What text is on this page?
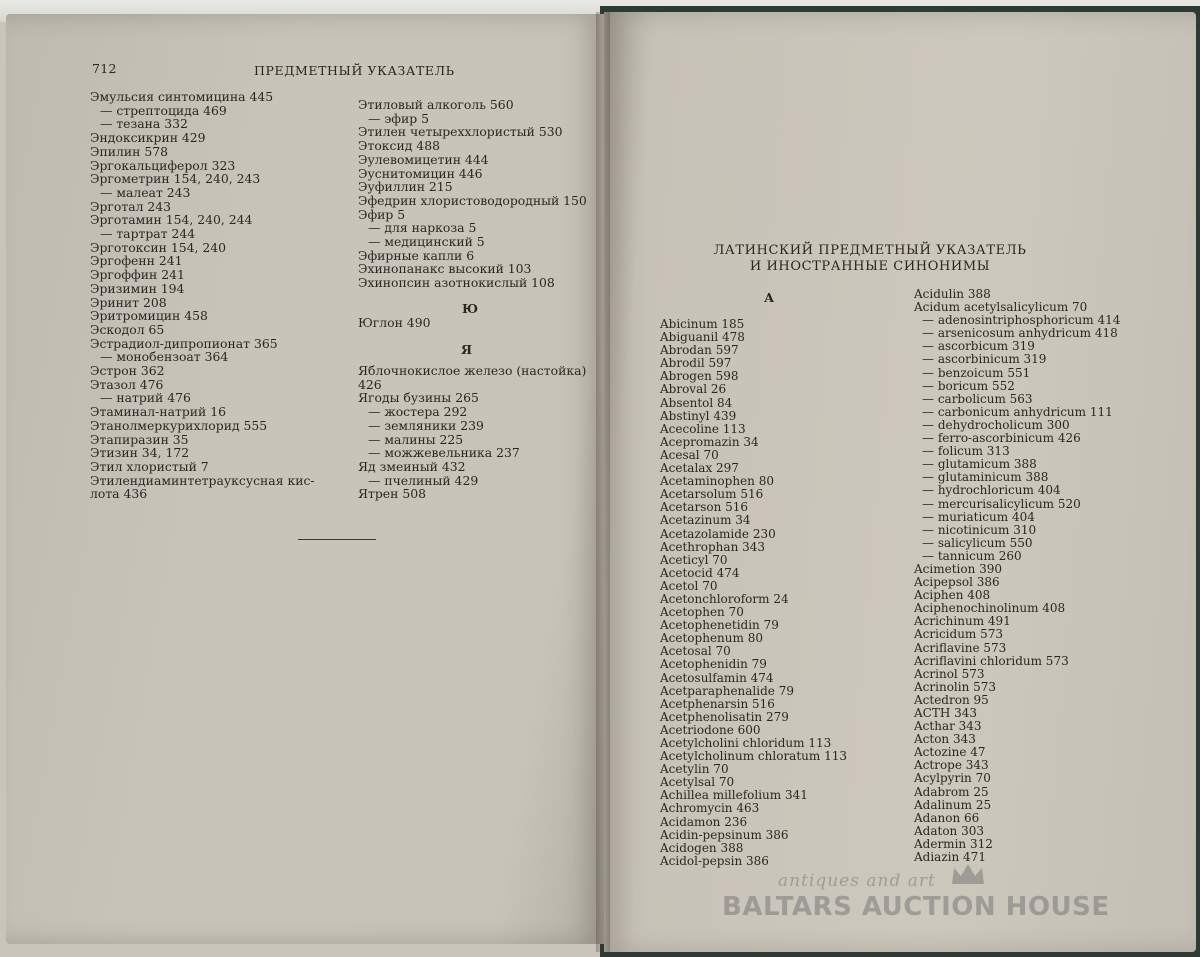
712	ПРЕДМЕТНЫЙ УКАЗАТЕЛЬ
Эмульсия синтомицина 445
— стрептоцида 469
— тезана 332
Эндоксикрин 429
Эпилин 578
Эргокальциферол 323
Эргометрин 154, 240, 243
— малеат 243
Эрготал 243
Эрготамин 154, 240, 244
— тартрат 244
Эрготоксин 154, 240
Эргофенн 241
Эргоффин 241
Эризимин 194
Эринит 208
Эритромицин 458
Эскодол 65
Эстрадиол-дипропионат 365
— монобензоат 364
Эстрон 362
Этазол 476
— натрий 476
Этаминал-натрий 16
Этанолмеркурихлорид 555
Этапиразин 35
Этизин 34, 172
Этил хлористый 7
Этилендиаминтетрауксусная кис-
лота 436
Этиловый алкоголь 560
— эфир 5
Этилен четырехxлористый 530
Этоксид 488
Эулевомицетин 444
Эуснитомицин 446
Эуфиллин 215
Эфедрин хлористоводородный 150
Эфир 5
— для наркоза 5
— медицинский 5
Эфирные капли 6
Эхинопанакс высокий 103
Эхинопсин азотнокислый 108
Ю
Юглон 490
Я
Яблочнокислое железо (настойка)
426
Ягоды бузины 265
— жостера 292
— земляники 239
— малины 225
— можжевельника 237
Яд змеиный 432
— пчелиный 429
Ятрен 508
ЛАТИНСКИЙ ПРЕДМЕТНЫЙ УКАЗАТЕЛЬ
И ИНОСТРАННЫЕ СИНОНИМЫ
А
Abicinum 185
Abiguanil 478
Abrodan 597
Abrodil 597
Abrogen 598
Abroval 26
Absentol 84
Abstinyl 439
Acecoline 113
Acepromazin 34
Acesal 70
Acetalax 297
Acetaminophen 80
Acetarsolum 516
Acetarson 516
Acetazinum 34
Acetazolamide 230
Acethrophan 343
Aceticyl 70
Acetocid 474
Acetol 70
Acetonchloroform 24
Acetophen 70
Acetophenetidin 79
Acetophenum 80
Acetosal 70
Acetophenidin 79
Acetosulfamin 474
Acetparaphenalide 79
Acetphenarsin 516
Acetphenolisatin 279
Acetriodone 600
Acetylcholini chloridum 113
Acetylcholinum chloratum 113
Acetylin 70
Acetylsal 70
Achillea millefolium 341
Achromycin 463
Acidamon 236
Acidin-pepsinum 386
Acidogen 388
Acidol-pepsin 386
Acidulin 388
Acidum acetylsalicylicum 70
— adenosintriphosphoricum 414
— arsenicosum anhydricum 418
— ascorbicum 319
— ascorbinicum 319
— benzoicum 551
— boricum 552
— carbolicum 563
— carbonicum anhydricum 111
— dehydrocholicum 300
— ferro-ascorbinicum 426
— folicum 313
— glutamicum 388
— glutaminicum 388
— hydrochloricum 404
— mercurisalicylicum 520
— muriaticum 404
— nicotinicum 310
— salicylicum 550
— tannicum 260
Acimetion 390
Acipepsol 386
Aciphen 408
Aciphenochinolinum 408
Acrichinum 491
Acricidum 573
Acriflavine 573
Acriflavini chloridum 573
Acrinol 573
Acrinolin 573
Actedron 95
ACTH 343
Acthar 343
Acton 343
Actozine 47
Actrope 343
Acylpyrin 70
Adabrom 25
Adalinum 25
Adanon 66
Adaton 303
Adermin 312
Adiazin 471
antiques and art
BALTARS AUCTION HOUSE
